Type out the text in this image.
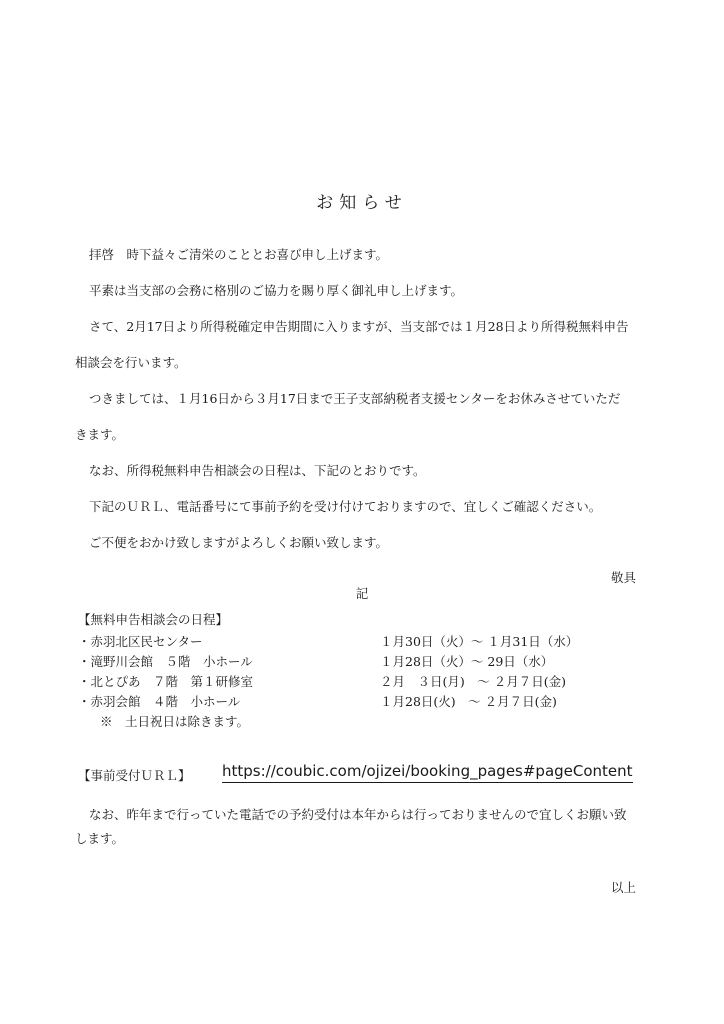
お知らせ
拝啓　時下益々ご清栄のこととお喜び申し上げます。
平素は当支部の会務に格別のご協力を賜り厚く御礼申し上げます。
さて、2月17日より所得税確定申告期間に入りますが、当支部では１月28日より所得税無料申告
相談会を行います。
つきましては、１月16日から３月17日まで王子支部納税者支援センターをお休みさせていただ
きます。
なお、所得税無料申告相談会の日程は、下記のとおりです。
下記のＵＲＬ、電話番号にて事前予約を受け付けておりますので、宜しくご確認ください。
ご不便をおかけ致しますがよろしくお願い致します。
敬具
記
【無料申告相談会の日程】
・赤羽北区民センター	１月30日（火）～ １月31日（水）
・滝野川会館　５階　小ホール	１月28日（火）～ 29日（水）
・北とぴあ　７階　第１研修室	２月　３日(月)　～ ２月７日(金)
・赤羽会館　４階　小ホール	１月28日(火)　～ ２月７日(金)
※　土日祝日は除きます。
【事前受付ＵＲＬ】 https://coubic.com/ojizei/booking_pages#pageContent
なお、昨年まで行っていた電話での予約受付は本年からは行っておりませんので宜しくお願い致
します。
以上
